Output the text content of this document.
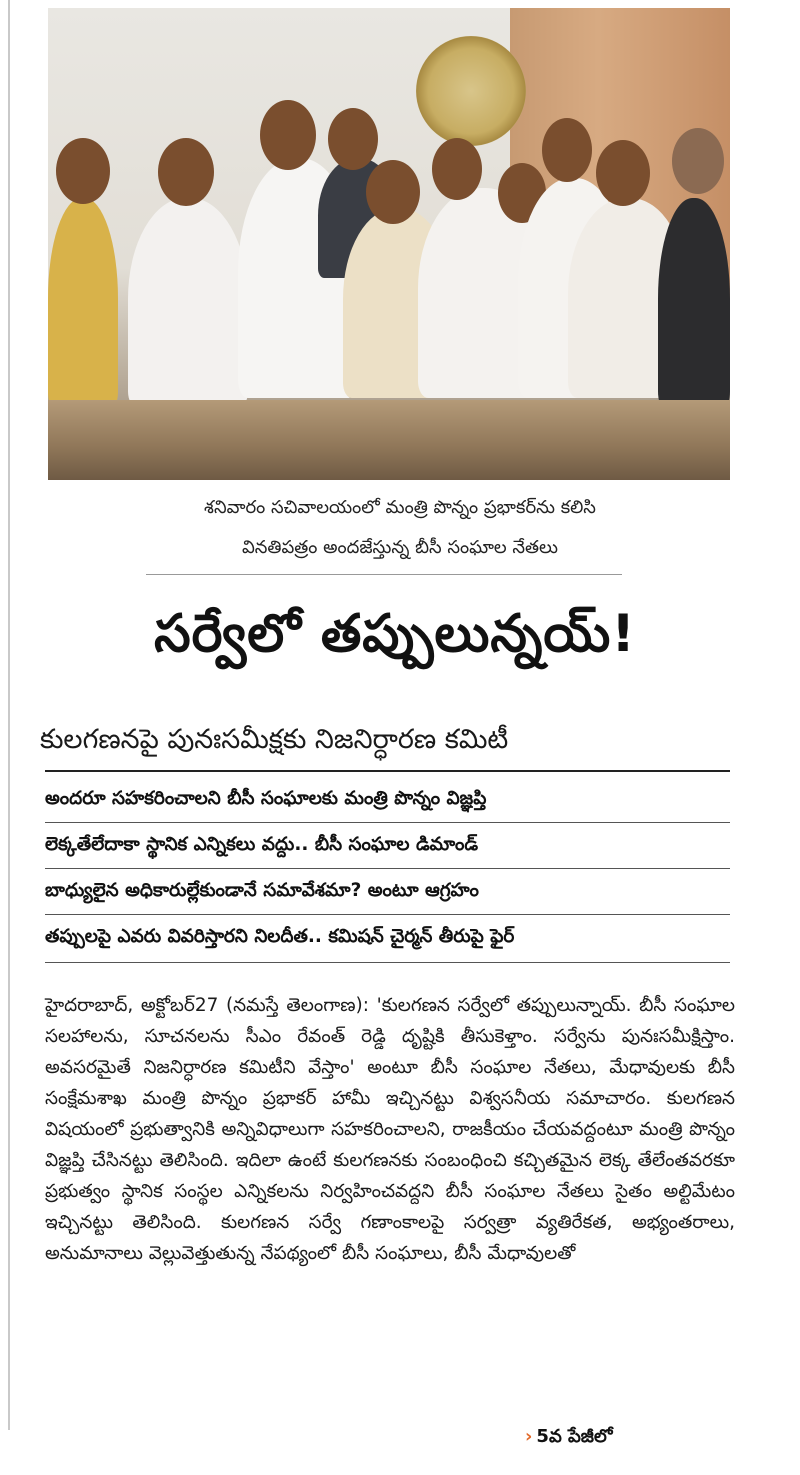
శనివారం సచివాలయంలో మంత్రి పొన్నం ప్రభాకర్‌ను కలిసి
వినతిపత్రం అందజేస్తున్న బీసీ సంఘాల నేతలు
సర్వేలో తప్పులున్నయ్!
కులగణనపై పునఃసమీక్షకు నిజనిర్ధారణ కమిటీ
అందరూ సహకరించాలని బీసీ సంఘాలకు మంత్రి పొన్నం విజ్ఞప్తి
లెక్కతేలేదాకా స్థానిక ఎన్నికలు వద్దు.. బీసీ సంఘాల డిమాండ్
బాధ్యులైన అధికారుల్లేకుండానే సమావేశమా? అంటూ ఆగ్రహం
తప్పులపై ఎవరు వివరిస్తారని నిలదీత.. కమిషన్ చైర్మన్ తీరుపై ఫైర్

హైదరాబాద్, అక్టోబర్27 (నమస్తే తెలంగాణ): 'కులగణన సర్వేలో తప్పులున్నాయ్. బీసీ సంఘాల సలహాలను, సూచనలను సీఎం రేవంత్ రెడ్డి దృష్టికి తీసుకెళ్తాం. సర్వేను పునఃసమీక్షిస్తాం. అవసరమైతే నిజనిర్ధారణ కమిటీని వేస్తాం' అంటూ బీసీ సంఘాల నేతలు, మేధావులకు బీసీ సంక్షేమశాఖ మంత్రి పొన్నం ప్రభాకర్ హామీ ఇచ్చినట్టు విశ్వసనీయ సమాచారం. కులగణన విషయంలో ప్రభుత్వానికి అన్నివిధాలుగా సహకరించాలని, రాజకీయం చేయవద్దంటూ మంత్రి పొన్నం విజ్ఞప్తి చేసినట్టు తెలిసింది. ఇదిలా ఉంటే కులగణనకు సంబంధించి కచ్చితమైన లెక్క తేలేంతవరకూ ప్రభుత్వం స్థానిక సంస్థల ఎన్నికలను నిర్వహించవద్దని బీసీ సంఘాల నేతలు సైతం అల్టిమేటం ఇచ్చినట్టు తెలిసింది. కులగణన సర్వే గణాంకాలపై సర్వత్రా వ్యతిరేకత, అభ్యంతరాలు, అనుమానాలు వెల్లువెత్తుతున్న నేపథ్యంలో బీసీ సంఘాలు, బీసీ మేధావులతో

› 5వ పేజీలో
